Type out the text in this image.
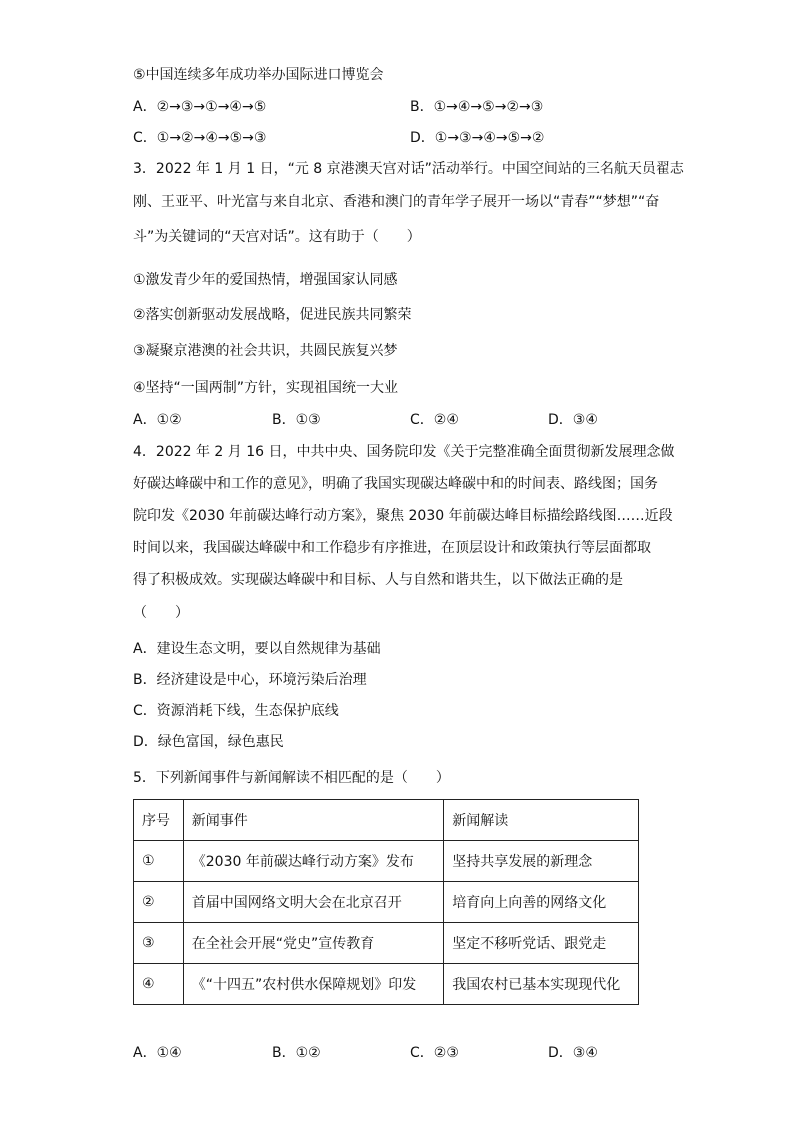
⑤中国连续多年成功举办国际进口博览会
A．②→③→①→④→⑤	B．①→④→⑤→②→③
C．①→②→④→⑤→③	D．①→③→④→⑤→②
3．2022 年 1 月 1 日，“元 8 京港澳天宫对话”活动举行。中国空间站的三名航天员翟志
刚、王亚平、叶光富与来自北京、香港和澳门的青年学子展开一场以“青春”“梦想”“奋
斗”为关键词的“天宫对话”。这有助于（　　）
①激发青少年的爱国热情，增强国家认同感
②落实创新驱动发展战略，促进民族共同繁荣
③凝聚京港澳的社会共识，共圆民族复兴梦
④坚持“一国两制”方针，实现祖国统一大业
A．①②	B．①③	C．②④	D．③④
4．2022 年 2 月 16 日，中共中央、国务院印发《关于完整准确全面贯彻新发展理念做
好碳达峰碳中和工作的意见》，明确了我国实现碳达峰碳中和的时间表、路线图；国务
院印发《2030 年前碳达峰行动方案》，聚焦 2030 年前碳达峰目标描绘路线图……近段
时间以来，我国碳达峰碳中和工作稳步有序推进，在顶层设计和政策执行等层面都取
得了积极成效。实现碳达峰碳中和目标、人与自然和谐共生，以下做法正确的是
（　　）
A．建设生态文明，要以自然规律为基础
B．经济建设是中心，环境污染后治理
C．资源消耗下线，生态保护底线
D．绿色富国，绿色惠民
5．下列新闻事件与新闻解读不相匹配的是（　　）
序号	新闻事件	新闻解读
①	《2030 年前碳达峰行动方案》发布	坚持共享发展的新理念
②	首届中国网络文明大会在北京召开	培育向上向善的网络文化
③	在全社会开展“党史”宣传教育	坚定不移听党话、跟党走
④	《“十四五”农村供水保障规划》印发	我国农村已基本实现现代化
A．①④	B．①②	C．②③	D．③④
